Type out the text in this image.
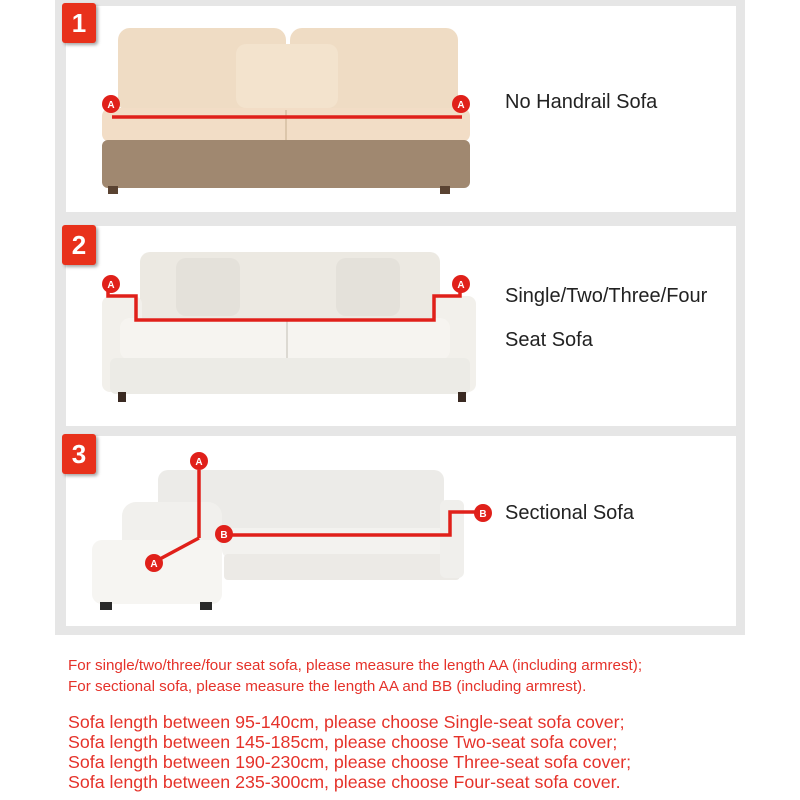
A	A
A	A
A
A
B
B
1
2
3
No Handrail Sofa
Single/Two/Three/Four
Seat Sofa
Sectional Sofa
For single/two/three/four seat sofa, please measure the length AA (including armrest);
For sectional sofa, please measure the length AA and BB (including armrest).
Sofa length between 95-140cm, please choose Single-seat sofa cover;
Sofa length between 145-185cm, please choose Two-seat sofa cover;
Sofa length between 190-230cm, please choose Three-seat sofa cover;
Sofa length between 235-300cm, please choose Four-seat sofa cover.
